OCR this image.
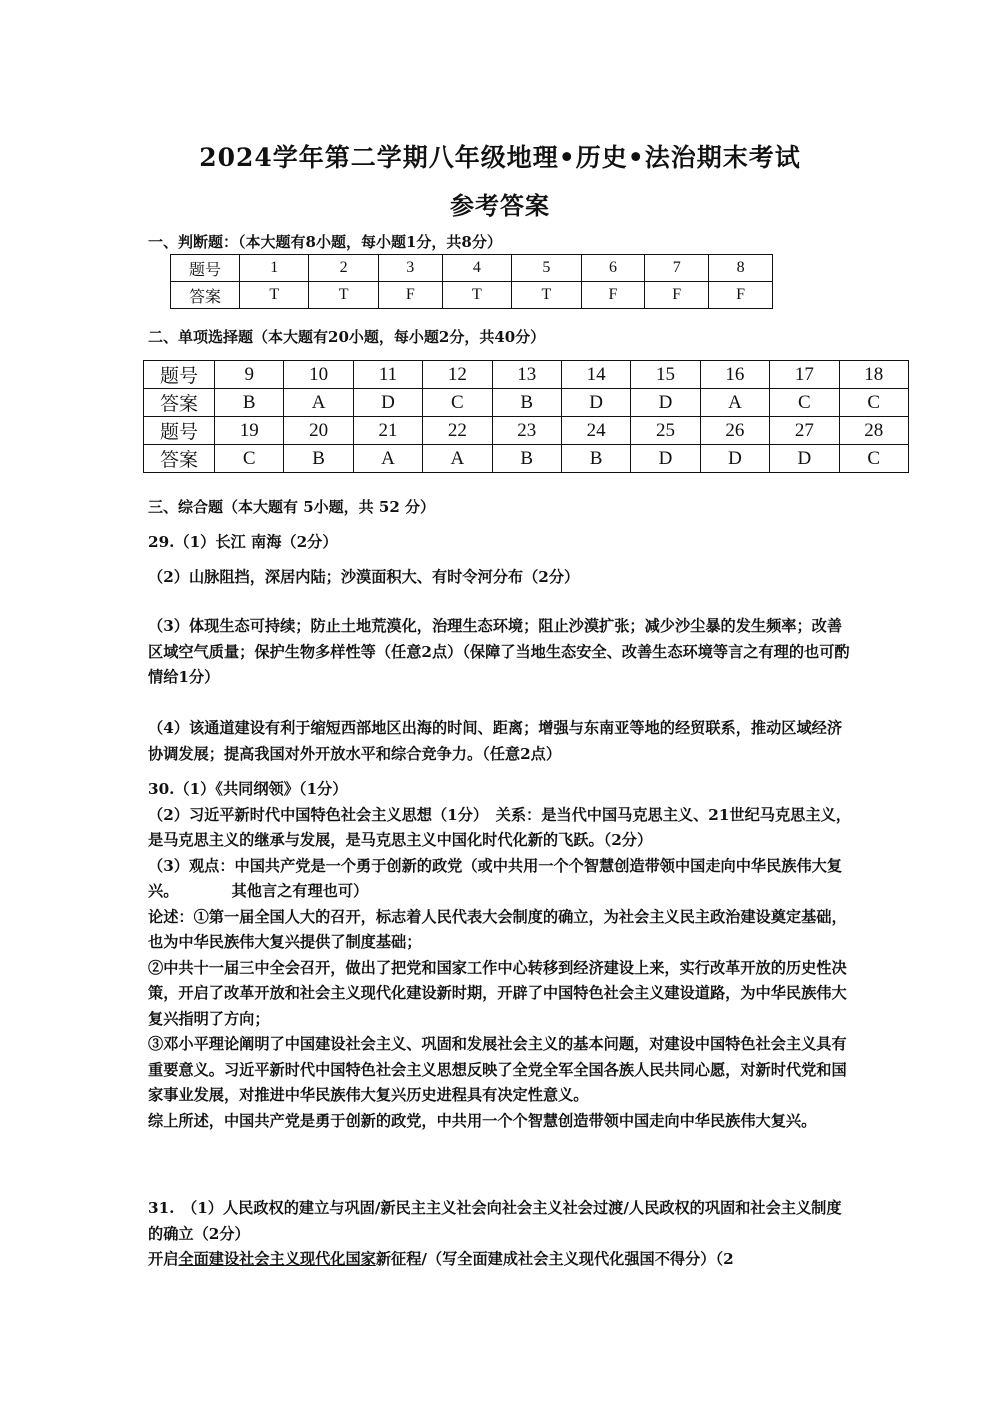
2024学年第二学期八年级地理•历史•法治期末考试
参考答案
一、判断题：（本大题有8小题，每小题1分，共8分）
题号	1	2	3	4	5	6	7	8
答案	T	T	F	T	T	F	F	F
二、单项选择题（本大题有20小题，每小题2分，共40分）
题号	9	10	11	12	13	14	15	16	17	18
答案	B	A	D	C	B	D	D	A	C	C
题号	19	20	21	22	23	24	25	26	27	28
答案	C	B	A	A	B	B	D	D	D	C
三、综合题（本大题有 5小题，共 52 分）
29.（1）长江 南海（2分）
（2）山脉阻挡，深居内陆；沙漠面积大、有时令河分布（2分）
（3）体现生态可持续；防止土地荒漠化，治理生态环境；阻止沙漠扩张；减少沙尘暴的发生频率；改善区域空气质量；保护生物多样性等（任意2点）（保障了当地生态安全、改善生态环境等言之有理的也可酌情给1分）
（4）该通道建设有利于缩短西部地区出海的时间、距离；增强与东南亚等地的经贸联系，推动区域经济协调发展；提高我国对外开放水平和综合竞争力。（任意2点）

30.（1）《共同纲领》（1分）

（2）习近平新时代中国特色社会主义思想（1分）　关系：是当代中国马克思主义、21世纪马克思主义，是马克思主义的继承与发展，是马克思主义中国化时代化新的飞跃。（2分）

（3）观点：中国共产党是一个勇于创新的政党（或中共用一个个智慧创造带领中国走向中华民族伟大复兴。　　　　其他言之有理也可）

论述：①第一届全国人大的召开，标志着人民代表大会制度的确立，为社会主义民主政治建设奠定基础，也为中华民族伟大复兴提供了制度基础；

②中共十一届三中全会召开，做出了把党和国家工作中心转移到经济建设上来，实行改革开放的历史性决策，开启了改革开放和社会主义现代化建设新时期，开辟了中国特色社会主义建设道路，为中华民族伟大复兴指明了方向；

③邓小平理论阐明了中国建设社会主义、巩固和发展社会主义的基本问题，对建设中国特色社会主义具有重要意义。习近平新时代中国特色社会主义思想反映了全党全军全国各族人民共同心愿，对新时代党和国家事业发展，对推进中华民族伟大复兴历史进程具有决定性意义。

综上所述，中国共产党是勇于创新的政党，中共用一个个智慧创造带领中国走向中华民族伟大复兴。

31.　（1）人民政权的建立与巩固/新民主主义社会向社会主义社会过渡/人民政权的巩固和社会主义制度的确立（2分）

开启全面建设社会主义现代化国家新征程/（写全面建成社会主义现代化强国不得分）（2
